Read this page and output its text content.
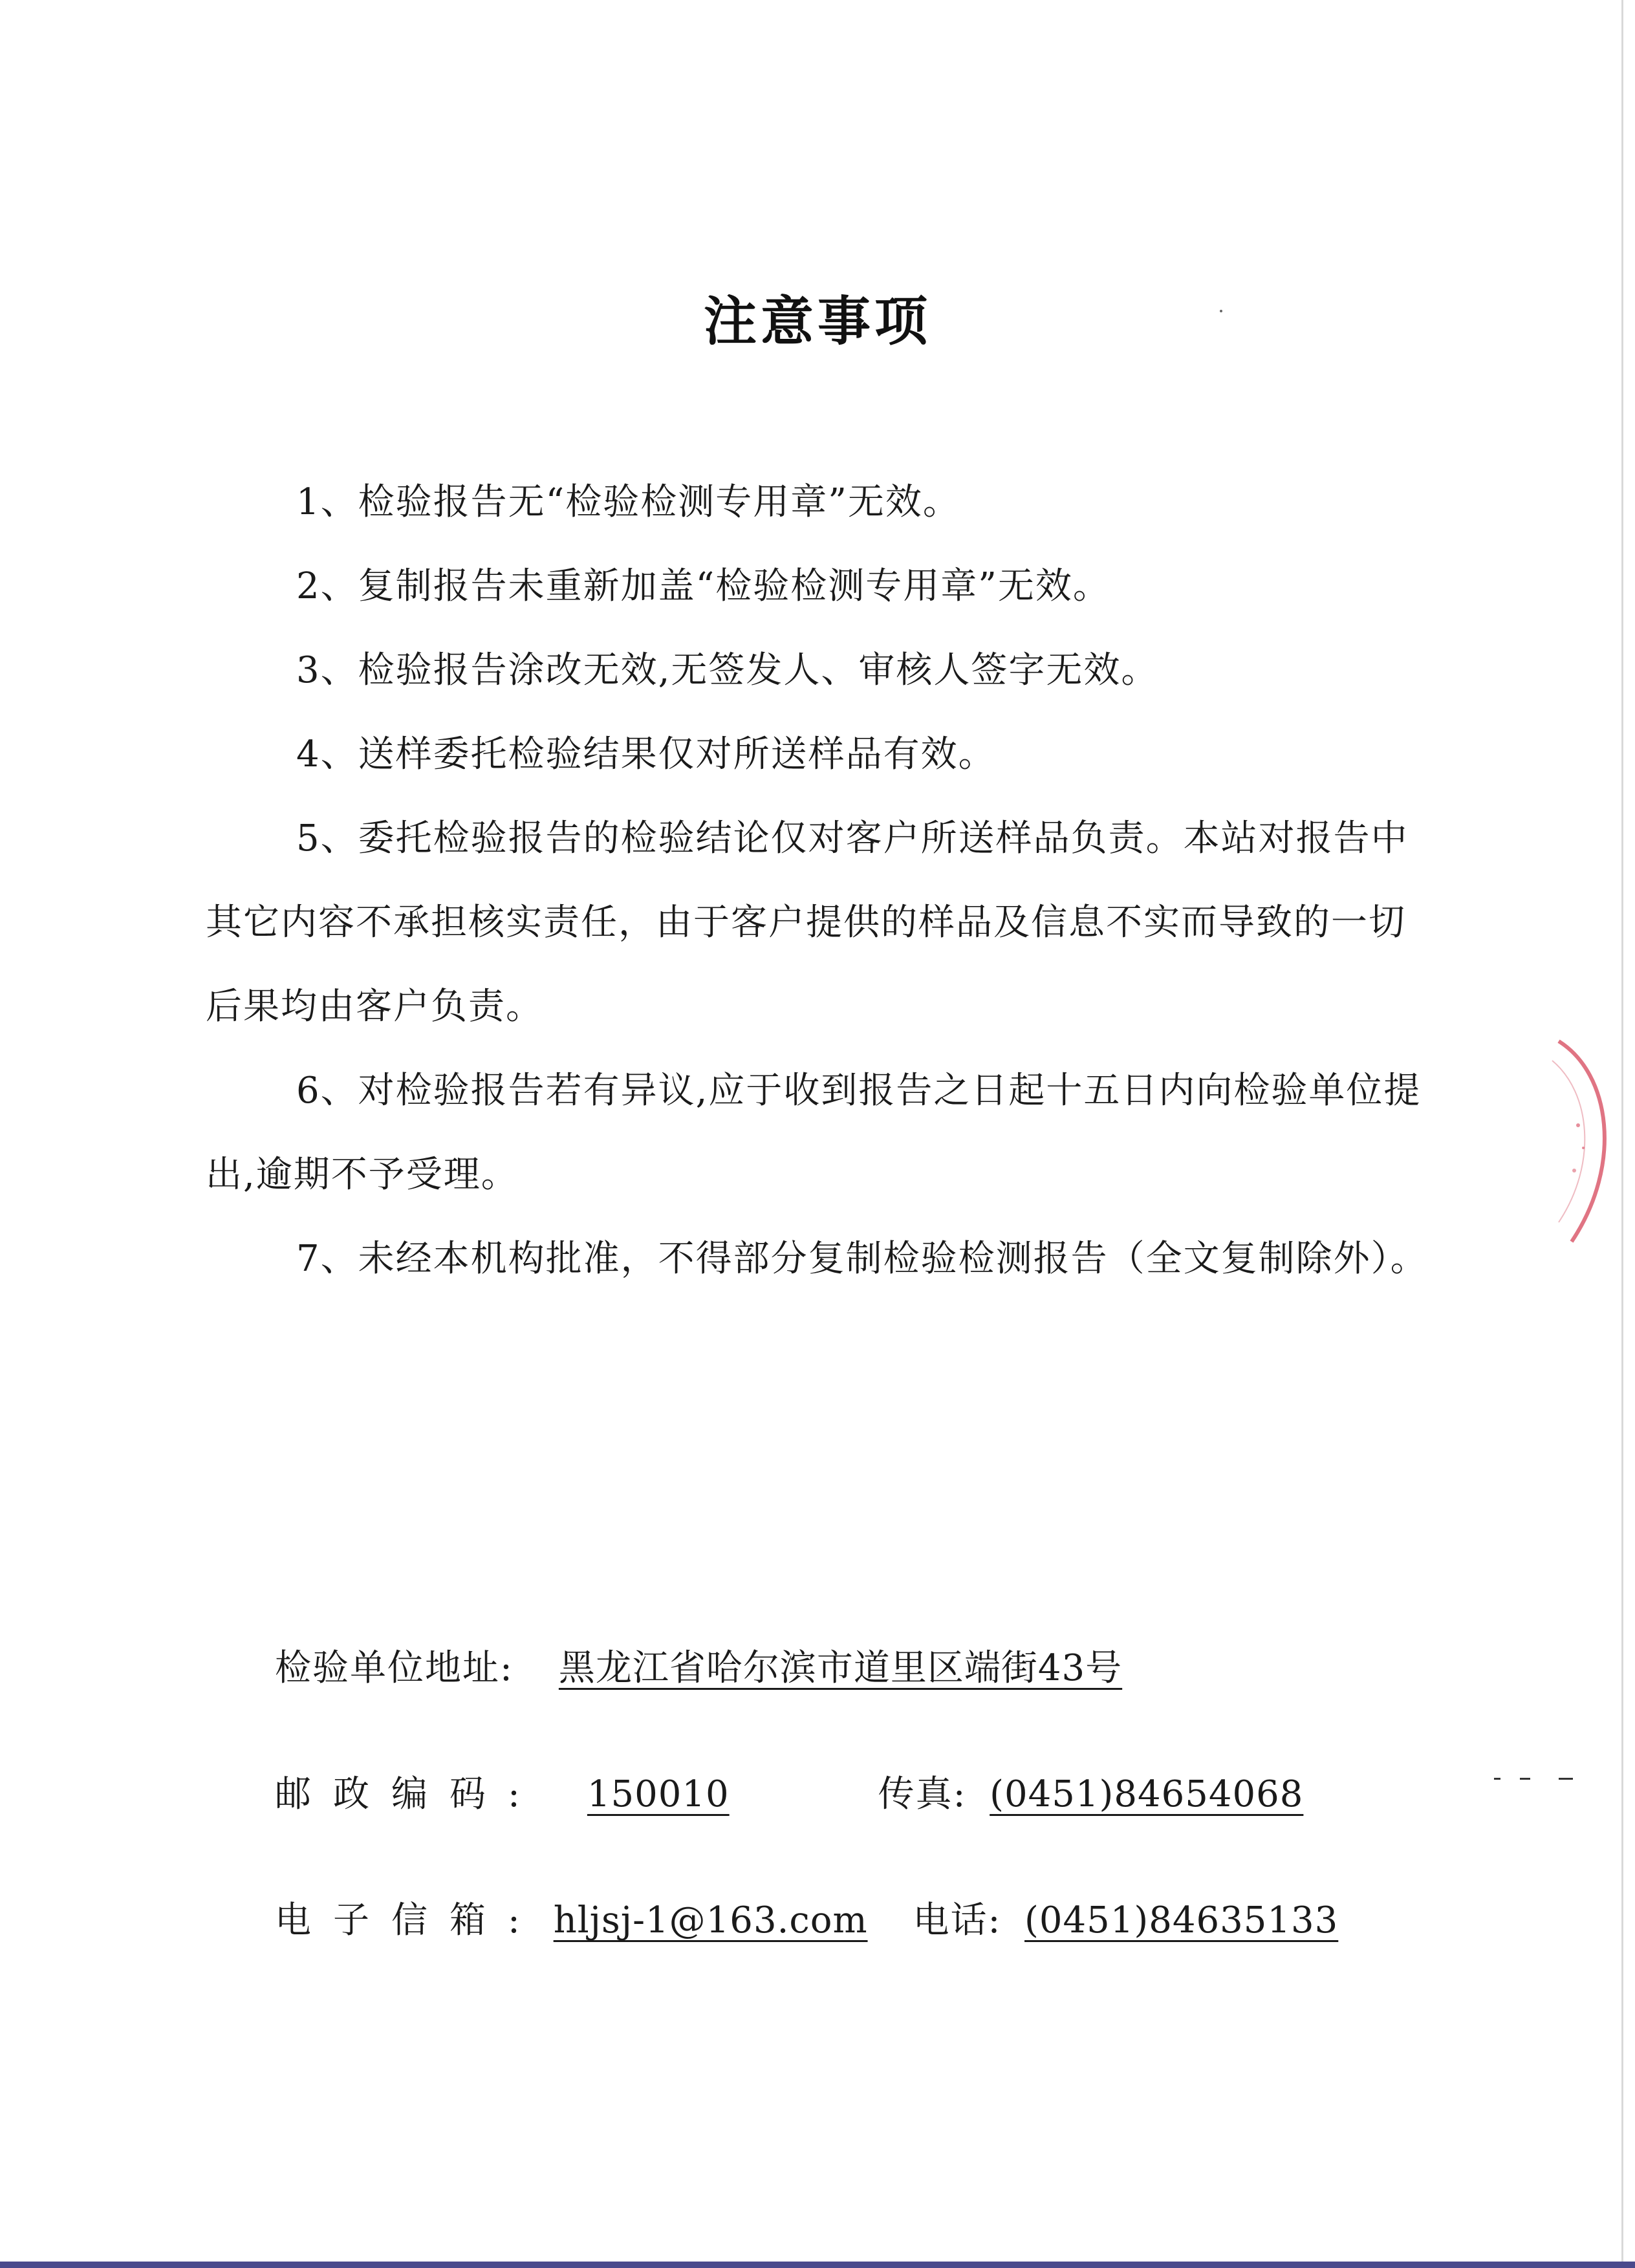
注意事项

1、检验报告无“检验检测专用章”无效。

2、复制报告未重新加盖“检验检测专用章”无效。

3、检验报告涂改无效,无签发人、审核人签字无效。

4、送样委托检验结果仅对所送样品有效。

5、委托检验报告的检验结论仅对客户所送样品负责。本站对报告中其它内容不承担核实责任，由于客户提供的样品及信息不实而导致的一切后果均由客户负责。

6、对检验报告若有异议,应于收到报告之日起十五日内向检验单位提出,逾期不予受理。

7、未经本机构批准，不得部分复制检验检测报告（全文复制除外）。

检验单位地址: 黑龙江省哈尔滨市道里区端街43号
邮政编码: 150010	传真: (0451)84654068
电子信箱: hljsj-1@163.com 电话: (0451)84635133
